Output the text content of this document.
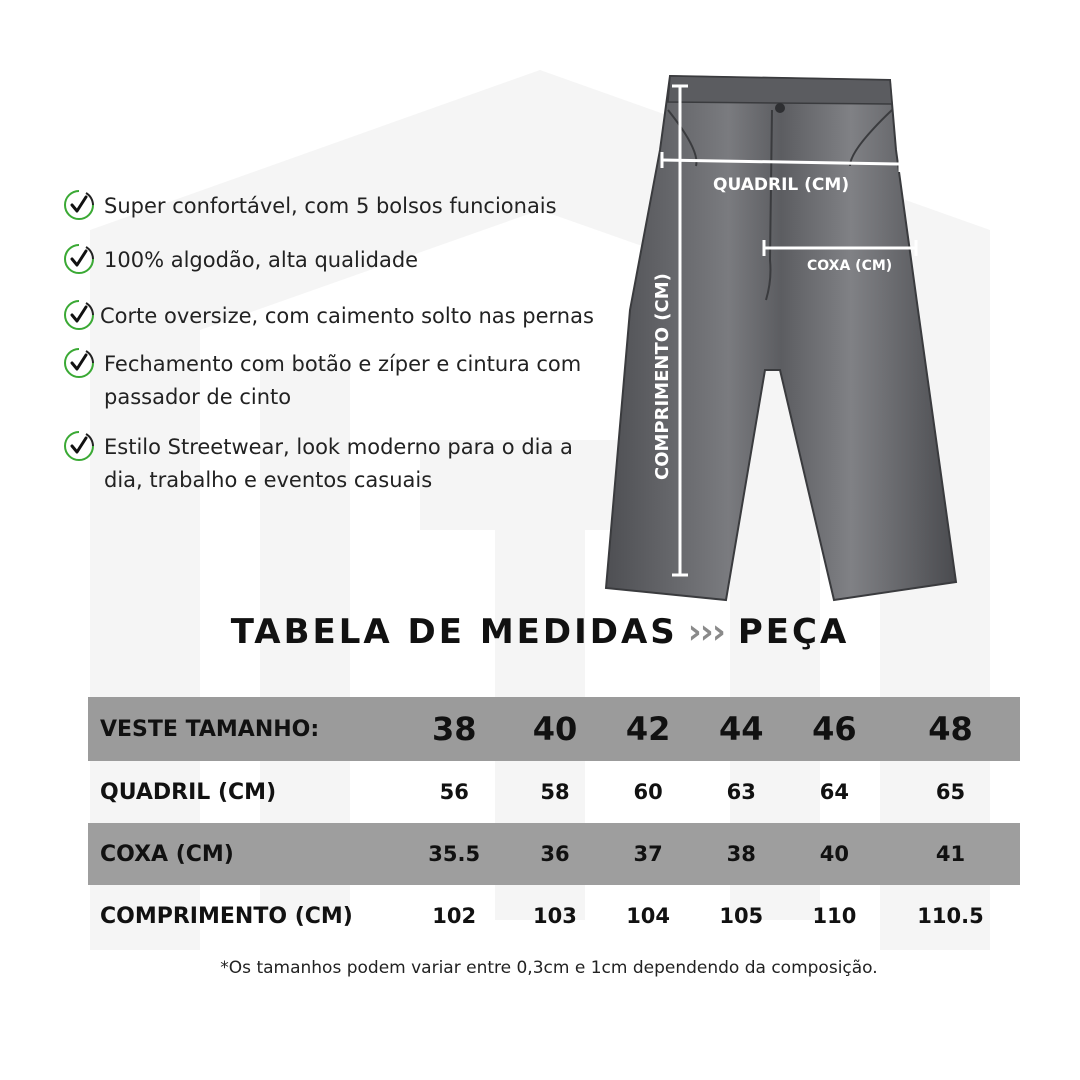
Super confortável, com 5 bolsos funcionais
100% algodão, alta qualidade
Corte oversize, com caimento solto nas pernas
Fechamento com botão e zíper e cintura com passador de cinto
Estilo Streetwear, look moderno para o dia a dia, trabalho e eventos casuais
QUADRIL (CM)
COXA (CM)
COMPRIMENTO (CM)
TABELA DE MEDIDAS ››› PEÇA
VESTE TAMANHO:	38	40	42	44	46	48
QUADRIL (CM)	56	58	60	63	64	65
COXA (CM)	35.5	36	37	38	40	41
COMPRIMENTO (CM)	102	103	104	105	110	110.5
*Os tamanhos podem variar entre 0,3cm e 1cm dependendo da composição.
